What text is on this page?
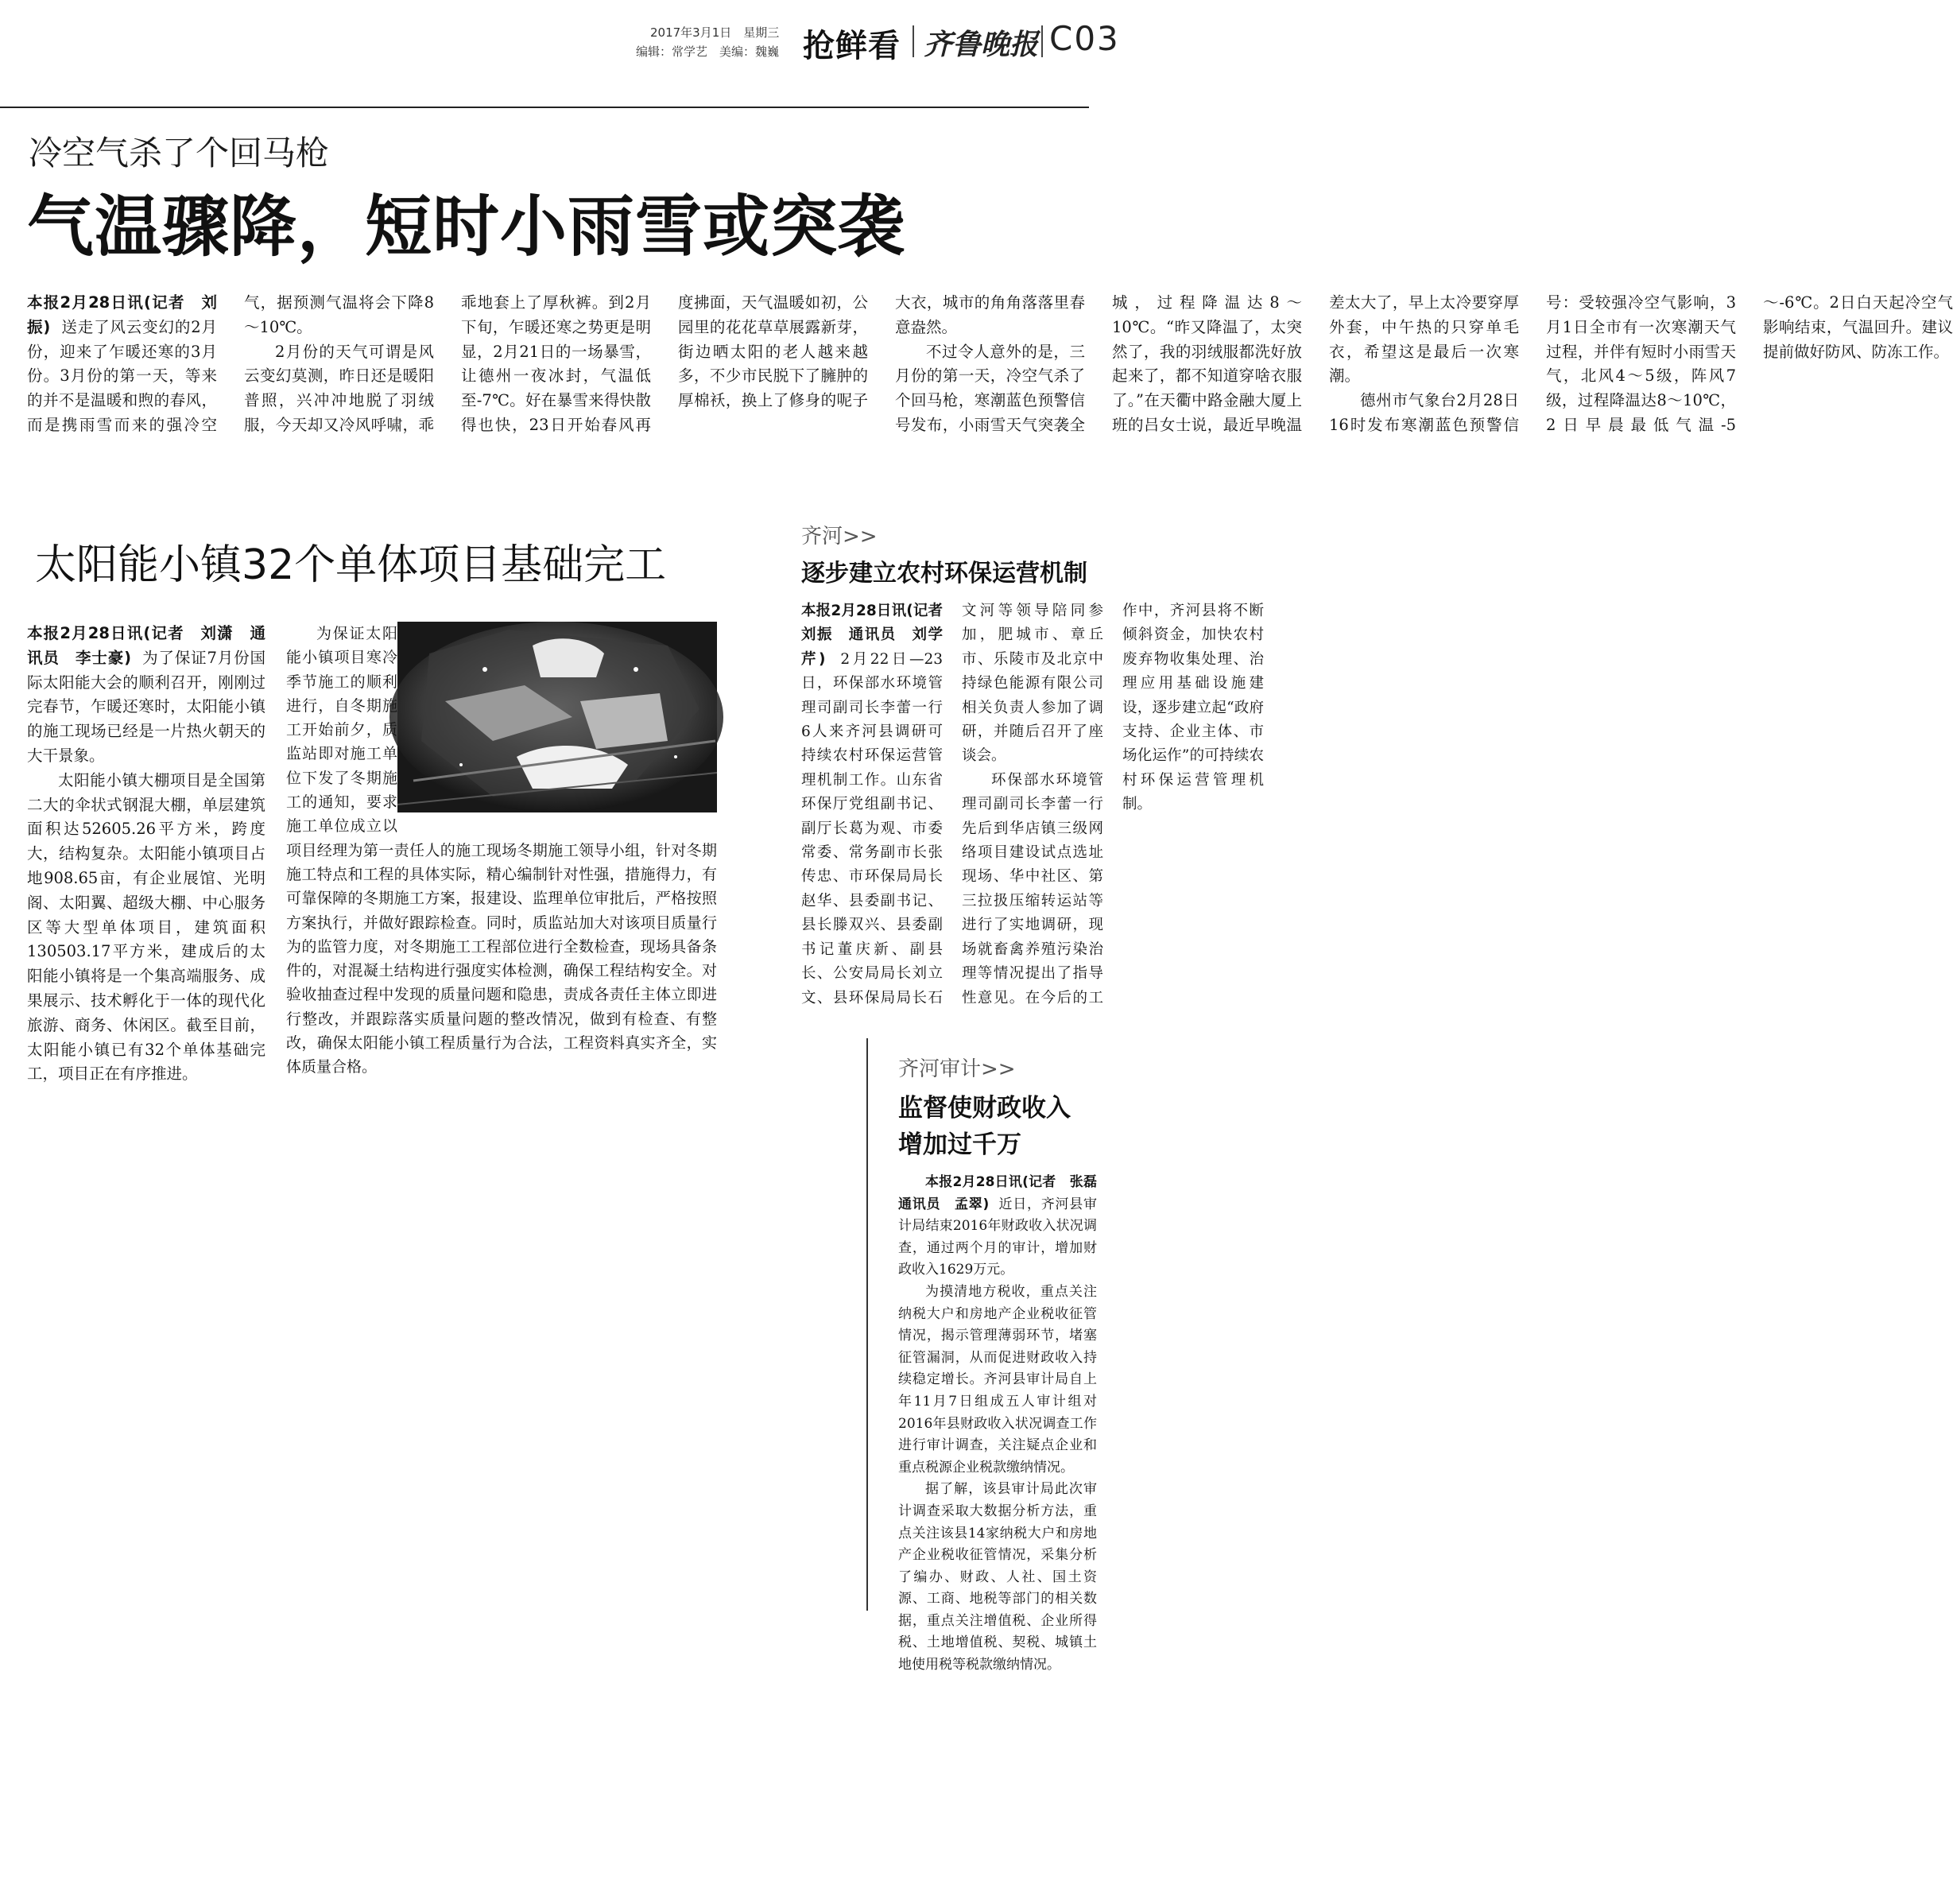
2017年3月1日　星期三
编辑：常学艺　美编：魏巍 抢鲜看 齐鲁晚报 C03
冷空气杀了个回马枪
气温骤降，短时小雨雪或突袭

本报2月28日讯(记者　刘振) 送走了风云变幻的2月份，迎来了乍暖还寒的3月份。3月份的第一天，等来的并不是温暖和煦的春风，而是携雨雪而来的强冷空气，据预测气温将会下降8～10℃。

2月份的天气可谓是风云变幻莫测，昨日还是暖阳普照，兴冲冲地脱了羽绒服，今天却又冷风呼啸，乖乖地套上了厚秋裤。到2月下旬，乍暖还寒之势更是明显，2月21日的一场暴雪，让德州一夜冰封，气温低至-7℃。好在暴雪来得快散得也快，23日开始春风再度拂面，天气温暖如初，公园里的花花草草展露新芽，街边晒太阳的老人越来越多，不少市民脱下了臃肿的厚棉袄，换上了修身的呢子大衣，城市的角角落落里春意盎然。

不过令人意外的是，三月份的第一天，冷空气杀了个回马枪，寒潮蓝色预警信号发布，小雨雪天气突袭全城，过程降温达8～10℃。“昨又降温了，太突然了，我的羽绒服都洗好放起来了，都不知道穿啥衣服了。”在天衢中路金融大厦上班的吕女士说，最近早晚温差太大了，早上太冷要穿厚外套，中午热的只穿单毛衣，希望这是最后一次寒潮。

德州市气象台2月28日16时发布寒潮蓝色预警信号：受较强冷空气影响，3月1日全市有一次寒潮天气过程，并伴有短时小雨雪天气，北风4～5级，阵风7级，过程降温达8～10℃，2日早晨最低气温-5～-6℃。2日白天起冷空气影响结束，气温回升。建议提前做好防风、防冻工作。

太阳能小镇32个单体项目基础完工

本报2月28日讯(记者　刘潇　通讯员　李士豪) 为了保证7月份国际太阳能大会的顺利召开，刚刚过完春节，乍暖还寒时，太阳能小镇的施工现场已经是一片热火朝天的大干景象。

太阳能小镇大棚项目是全国第二大的伞状式钢混大棚，单层建筑面积达52605.26平方米，跨度大，结构复杂。太阳能小镇项目占地908.65亩，有企业展馆、光明阁、太阳翼、超级大棚、中心服务区等大型单体项目，建筑面积130503.17平方米，建成后的太阳能小镇将是一个集高端服务、成果展示、技术孵化于一体的现代化旅游、商务、休闲区。截至目前，太阳能小镇已有32个单体基础完工，项目正在有序推进。

为保证太阳能小镇项目寒冷季节施工的顺利进行，自冬期施工开始前夕，质监站即对施工单位下发了冬期施工的通知，要求施工单位成立以项目经理为第一责任人的施工现场冬期施工领导小组，针对冬期施工特点和工程的具体实际，精心编制针对性强，措施得力，有可靠保障的冬期施工方案，报建设、监理单位审批后，严格按照方案执行，并做好跟踪检查。同时，质监站加大对该项目质量行为的监管力度，对冬期施工工程部位进行全数检查，现场具备条件的，对混凝土结构进行强度实体检测，确保工程结构安全。对验收抽查过程中发现的质量问题和隐患，责成各责任主体立即进行整改，并跟踪落实质量问题的整改情况，做到有检查、有整改，确保太阳能小镇工程质量行为合法，工程资料真实齐全，实体质量合格。

齐河>>
逐步建立农村环保运营机制

本报2月28日讯(记者　刘振　通讯员　刘学芹) 2月22日—23日，环保部水环境管理司副司长李蕾一行6人来齐河县调研可持续农村环保运营管理机制工作。山东省环保厅党组副书记、副厅长葛为观、市委常委、常务副市长张传忠、市环保局局长赵华、县委副书记、县长滕双兴、县委副书记董庆新、副县长、公安局局长刘立文、县环保局局长石文河等领导陪同参加，肥城市、章丘市、乐陵市及北京中持绿色能源有限公司相关负责人参加了调研，并随后召开了座谈会。

环保部水环境管理司副司长李蕾一行先后到华店镇三级网络项目建设试点选址现场、华中社区、第三拉扱压缩转运站等进行了实地调研，现场就畜禽养殖污染治理等情况提出了指导性意见。在今后的工作中，齐河县将不断倾斜资金，加快农村废弃物收集处理、治理应用基础设施建设，逐步建立起“政府支持、企业主体、市场化运作”的可持续农村环保运营管理机制。

齐河审计>>
监督使财政收入
增加过千万

本报2月28日讯(记者　张磊　通讯员　孟翠) 近日，齐河县审计局结束2016年财政收入状况调查，通过两个月的审计，增加财政收入1629万元。

为摸清地方税收，重点关注纳税大户和房地产企业税收征管情况，揭示管理薄弱环节，堵塞征管漏洞，从而促进财政收入持续稳定增长。齐河县审计局自上年11月7日组成五人审计组对2016年县财政收入状况调查工作进行审计调查，关注疑点企业和重点税源企业税款缴纳情况。

据了解，该县审计局此次审计调查采取大数据分析方法，重点关注该县14家纳税大户和房地产企业税收征管情况，采集分析了编办、财政、人社、国土资源、工商、地税等部门的相关数据，重点关注增值税、企业所得税、土地增值税、契税、城镇土地使用税等税款缴纳情况。
